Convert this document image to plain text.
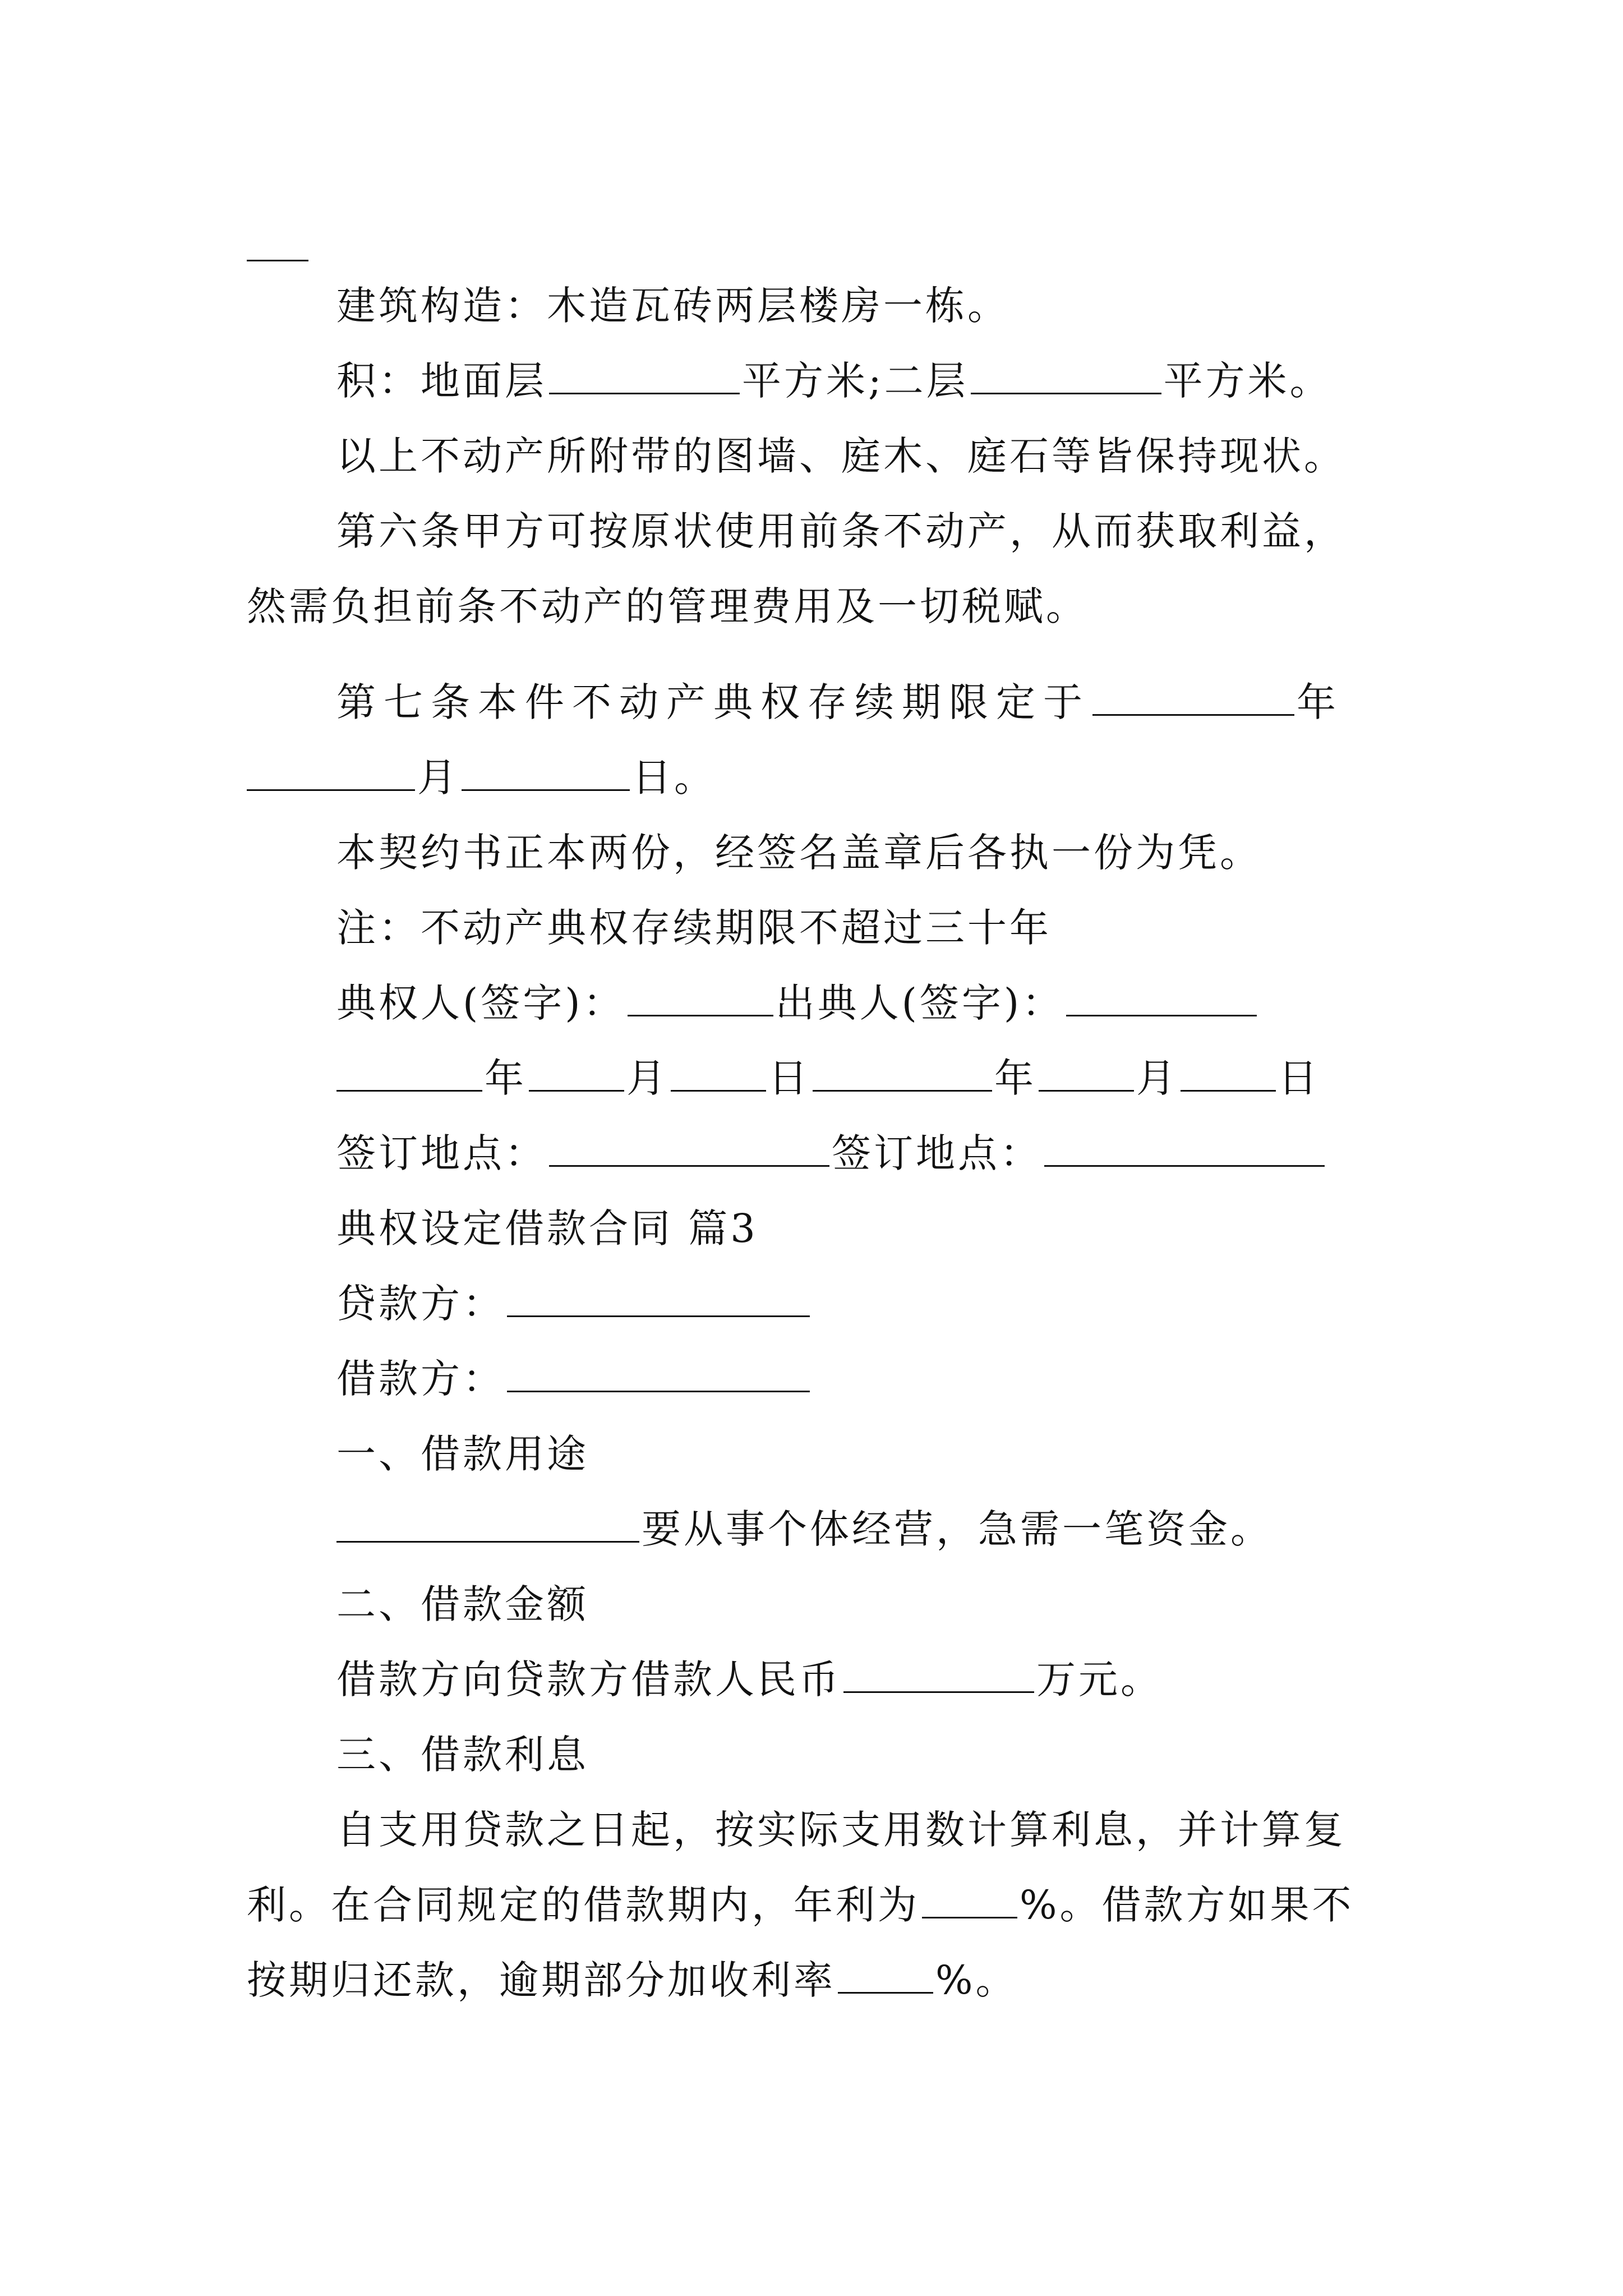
建筑构造：木造瓦砖两层楼房一栋。
积：地面层	平方米;二层	平方米。
以上不动产所附带的图墙、庭木、庭石等皆保持现状。
第六条甲方可按原状使用前条不动产，从而获取利益，
然需负担前条不动产的管理费用及一切税赋。
第七条本件不动产典权存续期限定于	年
月	日。
本契约书正本两份，经签名盖章后各执一份为凭。
注：不动产典权存续期限不超过三十年
典权人(签字)：	出典人(签字)：
年	月	日	年	月	日
签订地点：	签订地点：
典权设定借款合同 篇3
贷款方：
借款方：
一、借款用途
要从事个体经营，急需一笔资金。
二、借款金额
借款方向贷款方借款人民币	万元。
三、借款利息
自支用贷款之日起，按实际支用数计算利息，并计算复
利。在合同规定的借款期内，年利为	%。借款方如果不
按期归还款，逾期部分加收利率	%。
